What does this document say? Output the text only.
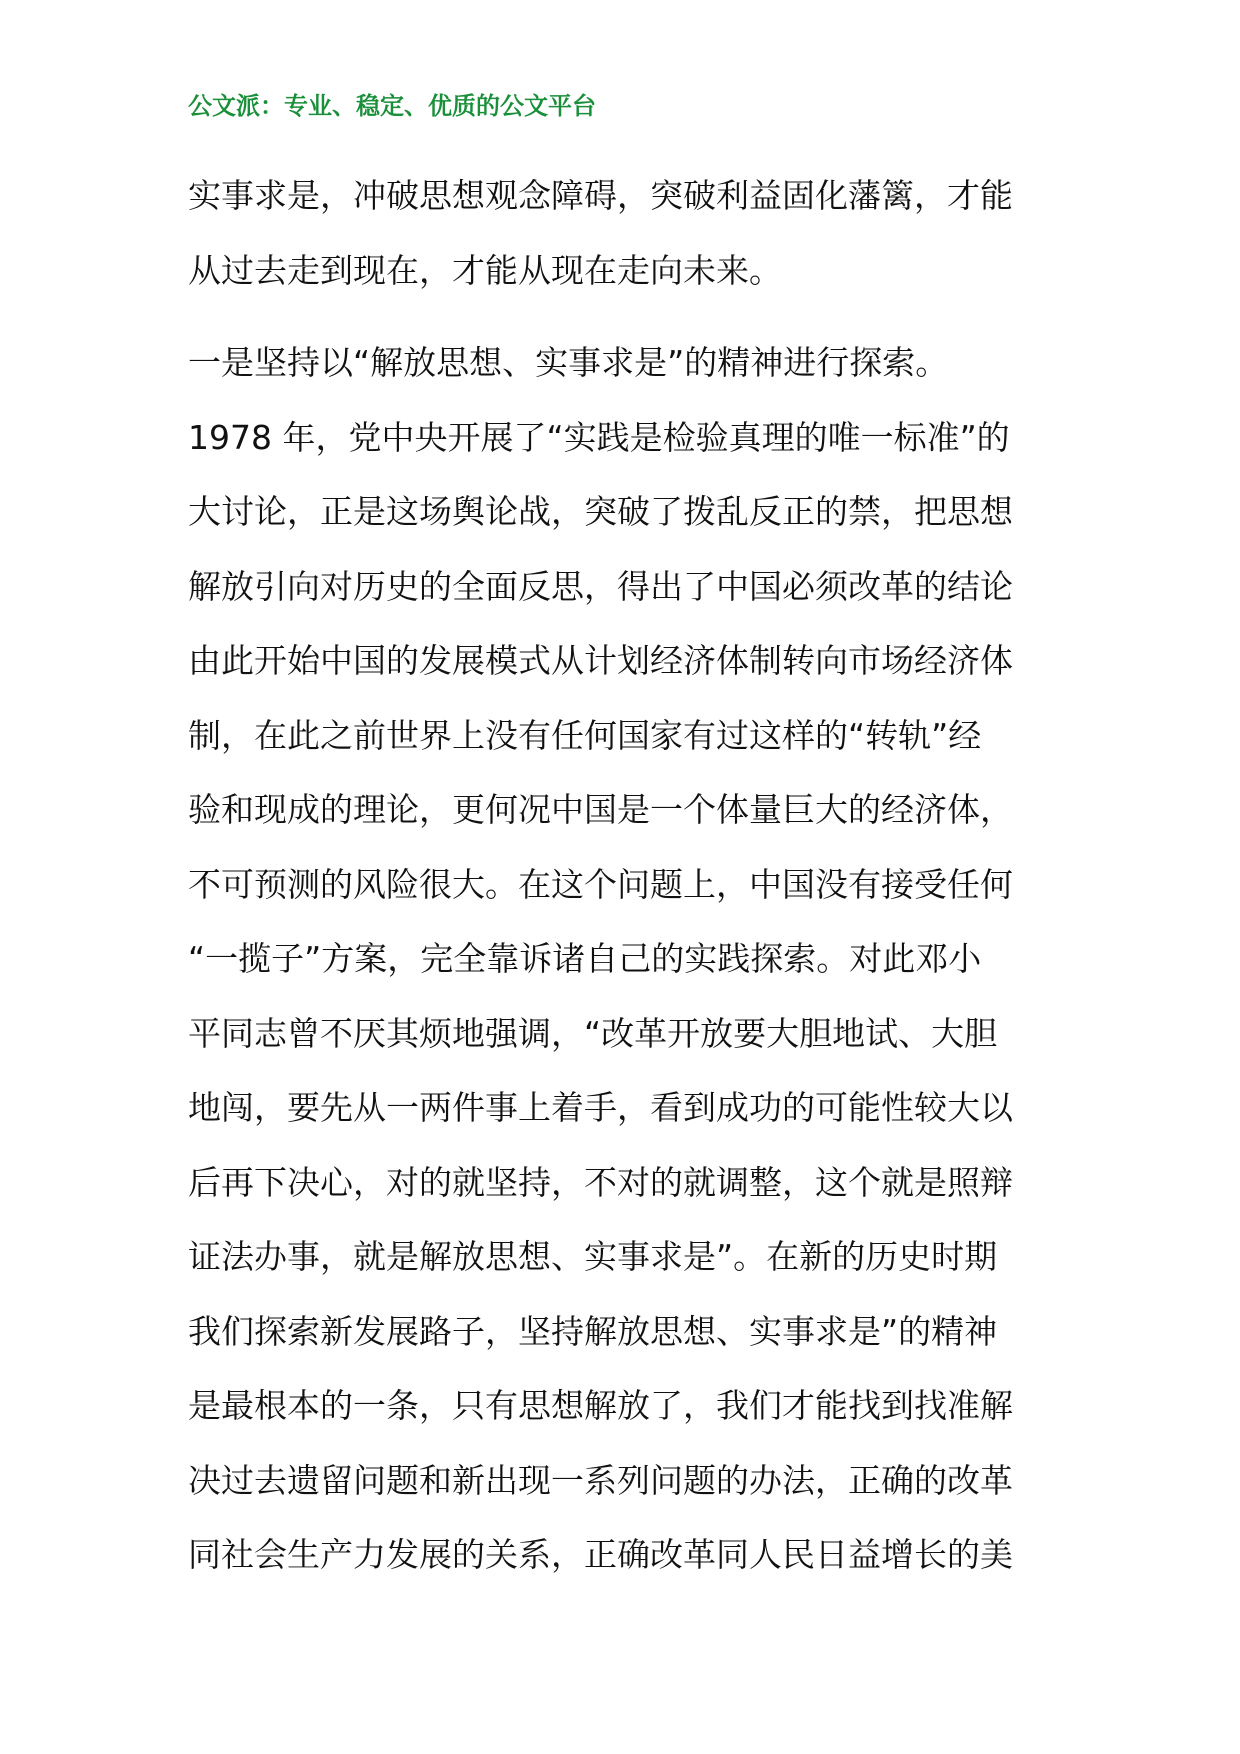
公文派：专业、稳定、优质的公文平台
实事求是，冲破思想观念障碍，突破利益固化藩篱，才能
从过去走到现在，才能从现在走向未来。
一是坚持以“解放思想、实事求是”的精神进行探索。
1978 年，党中央开展了“实践是检验真理的唯一标准”的
大讨论，正是这场舆论战，突破了拨乱反正的禁，把思想
解放引向对历史的全面反思，得出了中国必须改革的结论
由此开始中国的发展模式从计划经济体制转向市场经济体
制，在此之前世界上没有任何国家有过这样的“转轨”经
验和现成的理论，更何况中国是一个体量巨大的经济体，
不可预测的风险很大。在这个问题上，中国没有接受任何
“一揽子”方案，完全靠诉诸自己的实践探索。对此邓小
平同志曾不厌其烦地强调，“改革开放要大胆地试、大胆
地闯，要先从一两件事上着手，看到成功的可能性较大以
后再下决心，对的就坚持，不对的就调整，这个就是照辩
证法办事，就是解放思想、实事求是”。在新的历史时期
我们探索新发展路子，坚持解放思想、实事求是”的精神
是最根本的一条，只有思想解放了，我们才能找到找准解
决过去遗留问题和新出现一系列问题的办法，正确的改革
同社会生产力发展的关系，正确改革同人民日益增长的美
